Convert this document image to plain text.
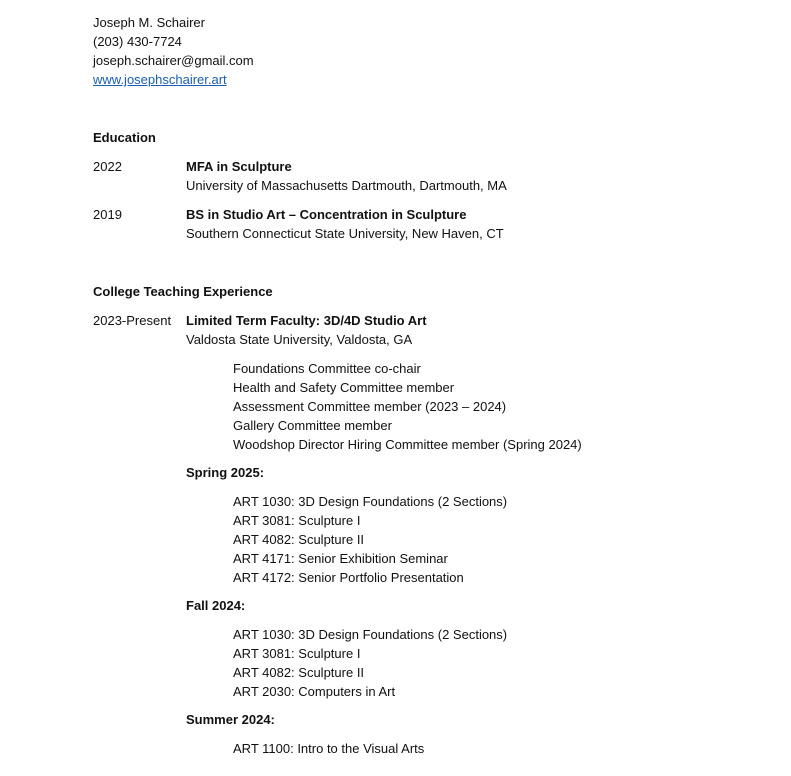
Joseph M. Schairer
(203) 430-7724
joseph.schairer@gmail.com
www.josephschairer.art
Education
2022	MFA in Sculpture
University of Massachusetts Dartmouth, Dartmouth, MA
2019	BS in Studio Art – Concentration in Sculpture
Southern Connecticut State University, New Haven, CT
College Teaching Experience
2023-Present Limited Term Faculty: 3D/4D Studio Art
Valdosta State University, Valdosta, GA
Foundations Committee co-chair
Health and Safety Committee member
Assessment Committee member (2023 – 2024)
Gallery Committee member
Woodshop Director Hiring Committee member (Spring 2024)
Spring 2025:
ART 1030: 3D Design Foundations (2 Sections)
ART 3081: Sculpture I
ART 4082: Sculpture II
ART 4171: Senior Exhibition Seminar
ART 4172: Senior Portfolio Presentation
Fall 2024:
ART 1030: 3D Design Foundations (2 Sections)
ART 3081: Sculpture I
ART 4082: Sculpture II
ART 2030: Computers in Art
Summer 2024:
ART 1100: Intro to the Visual Arts
